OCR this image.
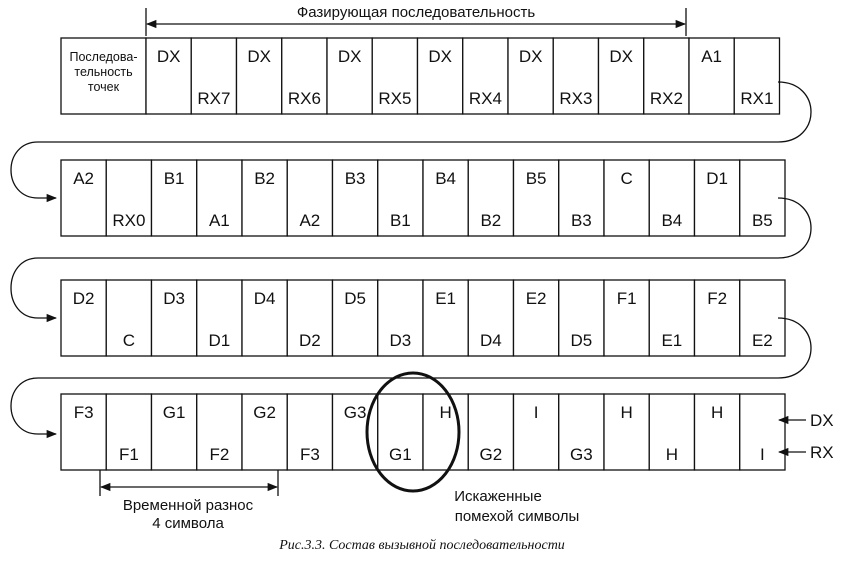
Фазирующая последовательность
Последова-
тельность
точек
DX
RX7
DX
RX6
DX
RX5
DX
RX4
DX
RX3
DX
RX2
A1
RX1
A2
RX0
B1
A1
B2
A2
B3
B1
B4
B2
B5
B3
C
B4
D1
B5
D2
C
D3
D1
D4
D2
D5
D3
E1
D4
E2
D5
F1
E1
F2
E2
F3
F1
G1
F2
G2
F3
G3
G1
H
G2
I
G3
H
H
H
I
DX
RX
Временной разнос
4 символа
Искаженные
помехой символы
Рис.3.3. Состав вызывной последовательности
